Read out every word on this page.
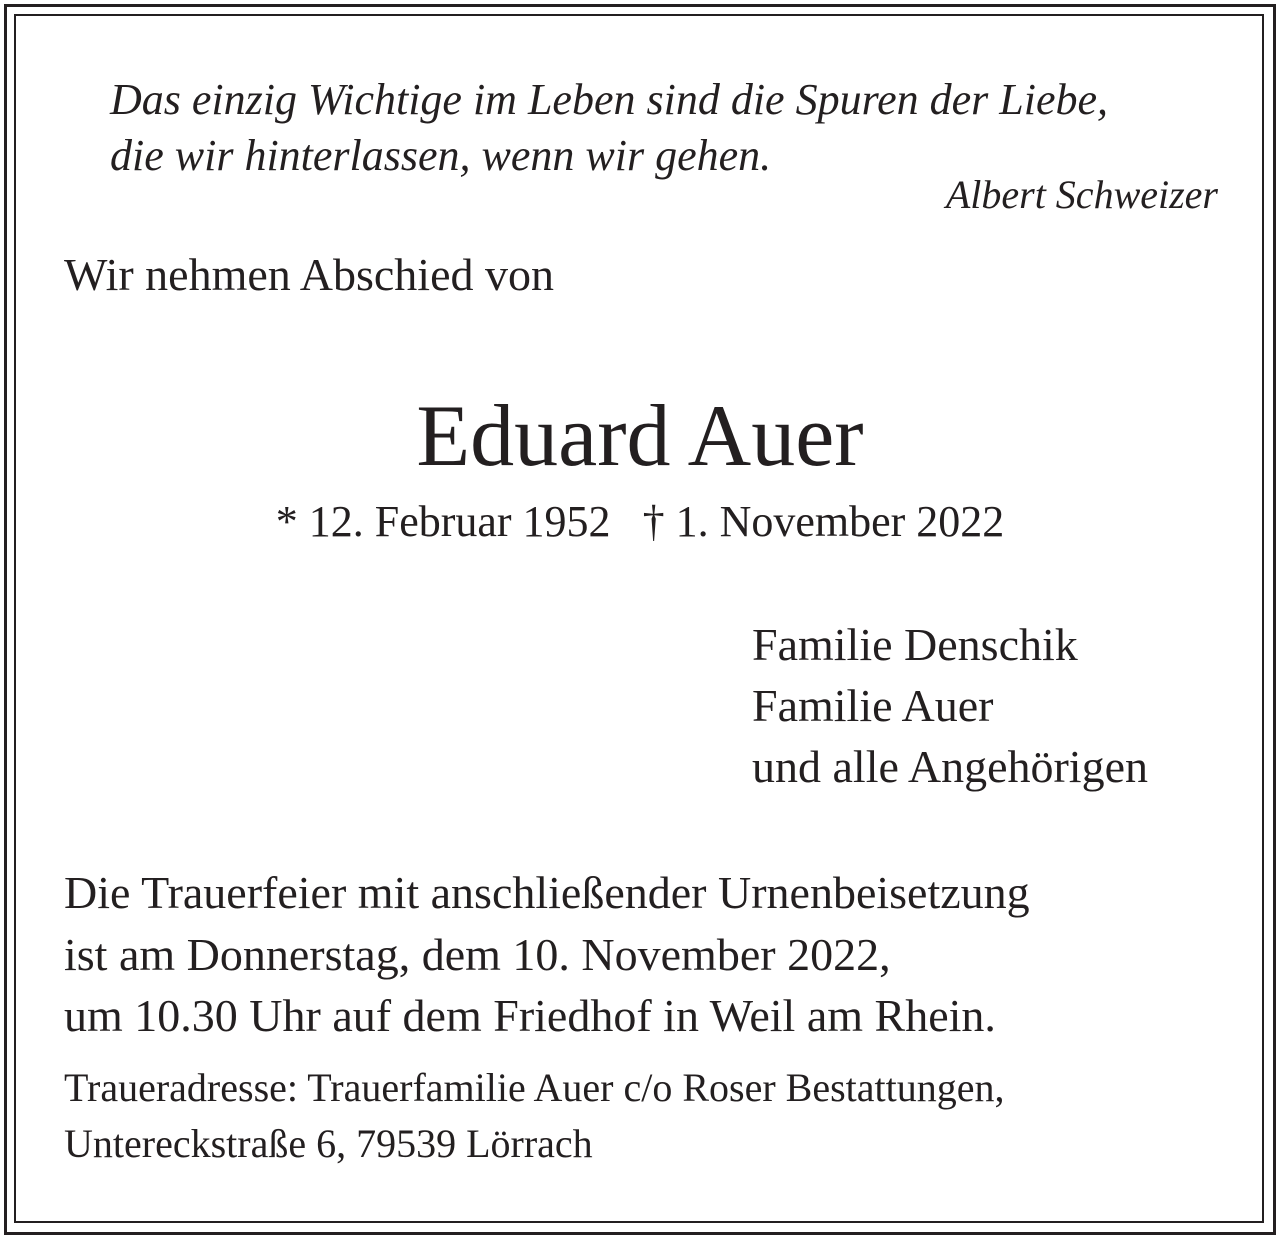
Das einzig Wichtige im Leben sind die Spuren der Liebe,

die wir hinterlassen, wenn wir gehen.

Albert Schweizer

Wir nehmen Abschied von

Eduard Auer

* 12. Februar 1952 † 1. November 2022

Familie Denschik

Familie Auer

und alle Angehörigen

Die Trauerfeier mit anschließender Urnenbeisetzung

ist am Donnerstag, dem 10. November 2022,

um 10.30 Uhr auf dem Friedhof in Weil am Rhein.

Traueradresse: Trauerfamilie Auer c/o Roser Bestattungen,

Untereckstraße 6, 79539 Lörrach
